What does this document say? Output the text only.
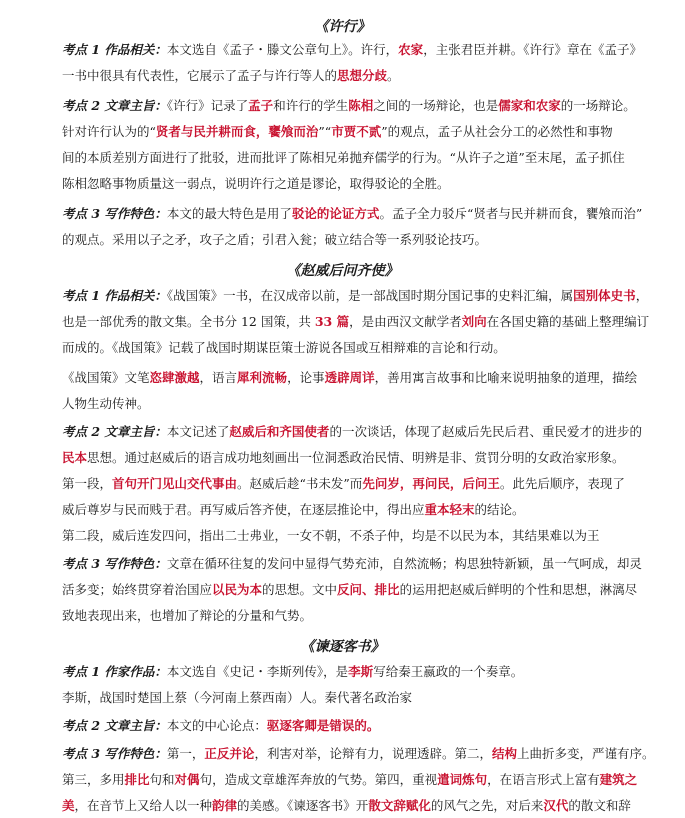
《许行》
考点 1 作品相关：本文选自《孟子・滕文公章句上》。许行，农家，主张君臣并耕。《许行》章在《孟子》
一书中很具有代表性，它展示了孟子与许行等人的思想分歧。
考点 2 文章主旨：《许行》记录了孟子和许行的学生陈相之间的一场辩论，也是儒家和农家的一场辩论。
针对许行认为的“贤者与民并耕而食，饔飧而治”“市贾不贰”的观点，孟子从社会分工的必然性和事物
间的本质差别方面进行了批驳，进而批评了陈相兄弟抛弃儒学的行为。“从许子之道”至末尾，孟子抓住
陈相忽略事物质量这一弱点，说明许行之道是谬论，取得驳论的全胜。
考点 3 写作特色：本文的最大特色是用了驳论的论证方式。孟子全力驳斥“贤者与民并耕而食，饔飧而治”
的观点。采用以子之矛，攻子之盾；引君入瓮；破立结合等一系列驳论技巧。
《赵威后问齐使》
考点 1 作品相关：《战国策》一书，在汉成帝以前，是一部战国时期分国记事的史料汇编，属国别体史书，
也是一部优秀的散文集。全书分 12 国策，共 33 篇，是由西汉文献学者刘向在各国史籍的基础上整理编订
而成的。《战国策》记载了战国时期谋臣策士游说各国或互相辩难的言论和行动。
《战国策》文笔恣肆激越，语言犀利流畅，论事透辟周详，善用寓言故事和比喻来说明抽象的道理，描绘
人物生动传神。
考点 2 文章主旨：本文记述了赵威后和齐国使者的一次谈话，体现了赵威后先民后君、重民爱才的进步的
民本思想。通过赵威后的语言成功地刻画出一位洞悉政治民情、明辨是非、赏罚分明的女政治家形象。
第一段，首句开门见山交代事由。赵威后趁“书未发”而先问岁，再问民，后问王。此先后顺序，表现了
威后尊岁与民而贱于君。再写威后答齐使，在逐层推论中，得出应重本轻末的结论。
第二段，威后连发四问，指出二士弗业，一女不朝，不杀子仲，均是不以民为本，其结果难以为王
考点 3 写作特色：文章在循环往复的发问中显得气势充沛，自然流畅；构思独特新颖，虽一气呵成，却灵
活多变；始终贯穿着治国应以民为本的思想。文中反问、排比的运用把赵威后鲜明的个性和思想，淋漓尽
致地表现出来，也增加了辩论的分量和气势。
《谏逐客书》
考点 1 作家作品：本文选自《史记・李斯列传》，是李斯写给秦王嬴政的一个奏章。
李斯，战国时楚国上蔡（今河南上蔡西南）人。秦代著名政治家
考点 2 文章主旨：本文的中心论点：驱逐客卿是错误的。
考点 3 写作特色：第一，正反并论，利害对举，论辩有力，说理透辟。第二，结构上曲折多变，严谨有序。
第三，多用排比句和对偶句，造成文章雄浑奔放的气势。第四，重视遣词炼句，在语言形式上富有建筑之
美，在音节上又给人以一种韵律的美感。《谏逐客书》开散文辞赋化的风气之先，对后来汉代的散文和辞
